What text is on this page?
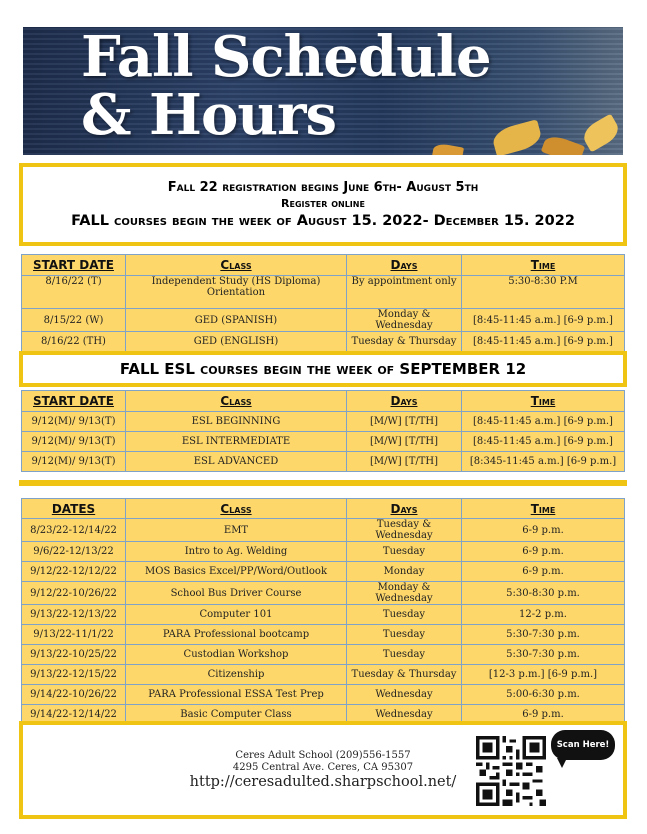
Fall Schedule
& Hours
Fall 22 registration begins June 6th- August 5th
Register online
FALL courses begin the week of August 15. 2022- December 15. 2022
START DATE	Class	Days	Time
8/16/22 (T)	Independent Study (HS Diploma) Orientation	By appointment only	5:30-8:30 P.M
8/15/22 (W)	GED (SPANISH)	Monday & Wednesday	[8:45-11:45 a.m.] [6-9 p.m.]
8/16/22 (TH)	GED (ENGLISH)	Tuesday & Thursday	[8:45-11:45 a.m.] [6-9 p.m.]
FALL ESL courses begin the week of SEPTEMBER 12
START DATE	Class	Days	Time
9/12(M)/ 9/13(T)	ESL BEGINNING	[M/W] [T/TH]	[8:45-11:45 a.m.] [6-9 p.m.]
9/12(M)/ 9/13(T)	ESL INTERMEDIATE	[M/W] [T/TH]	[8:45-11:45 a.m.] [6-9 p.m.]
9/12(M)/ 9/13(T)	ESL ADVANCED	[M/W] [T/TH]	[8:345-11:45 a.m.] [6-9 p.m.]
DATES	Class	Days	Time
8/23/22-12/14/22	EMT	Tuesday & Wednesday	6-9 p.m.
9/6/22-12/13/22	Intro to Ag. Welding	Tuesday	6-9 p.m.
9/12/22-12/12/22	MOS Basics Excel/PP/Word/Outlook	Monday	6-9 p.m.
9/12/22-10/26/22	School Bus Driver Course	Monday & Wednesday	5:30-8:30 p.m.
9/13/22-12/13/22	Computer 101	Tuesday	12-2 p.m.
9/13/22-11/1/22	PARA Professional bootcamp	Tuesday	5:30-7:30 p.m.
9/13/22-10/25/22	Custodian Workshop	Tuesday	5:30-7:30 p.m.
9/13/22-12/15/22	Citizenship	Tuesday & Thursday	[12-3 p.m.] [6-9 p.m.]
9/14/22-10/26/22	PARA Professional ESSA Test Prep	Wednesday	5:00-6:30 p.m.
9/14/22-12/14/22	Basic Computer Class	Wednesday	6-9 p.m.
Ceres Adult School (209)556-1557
4295 Central Ave. Ceres, CA 95307
http://ceresadulted.sharpschool.net/
Scan Here!
